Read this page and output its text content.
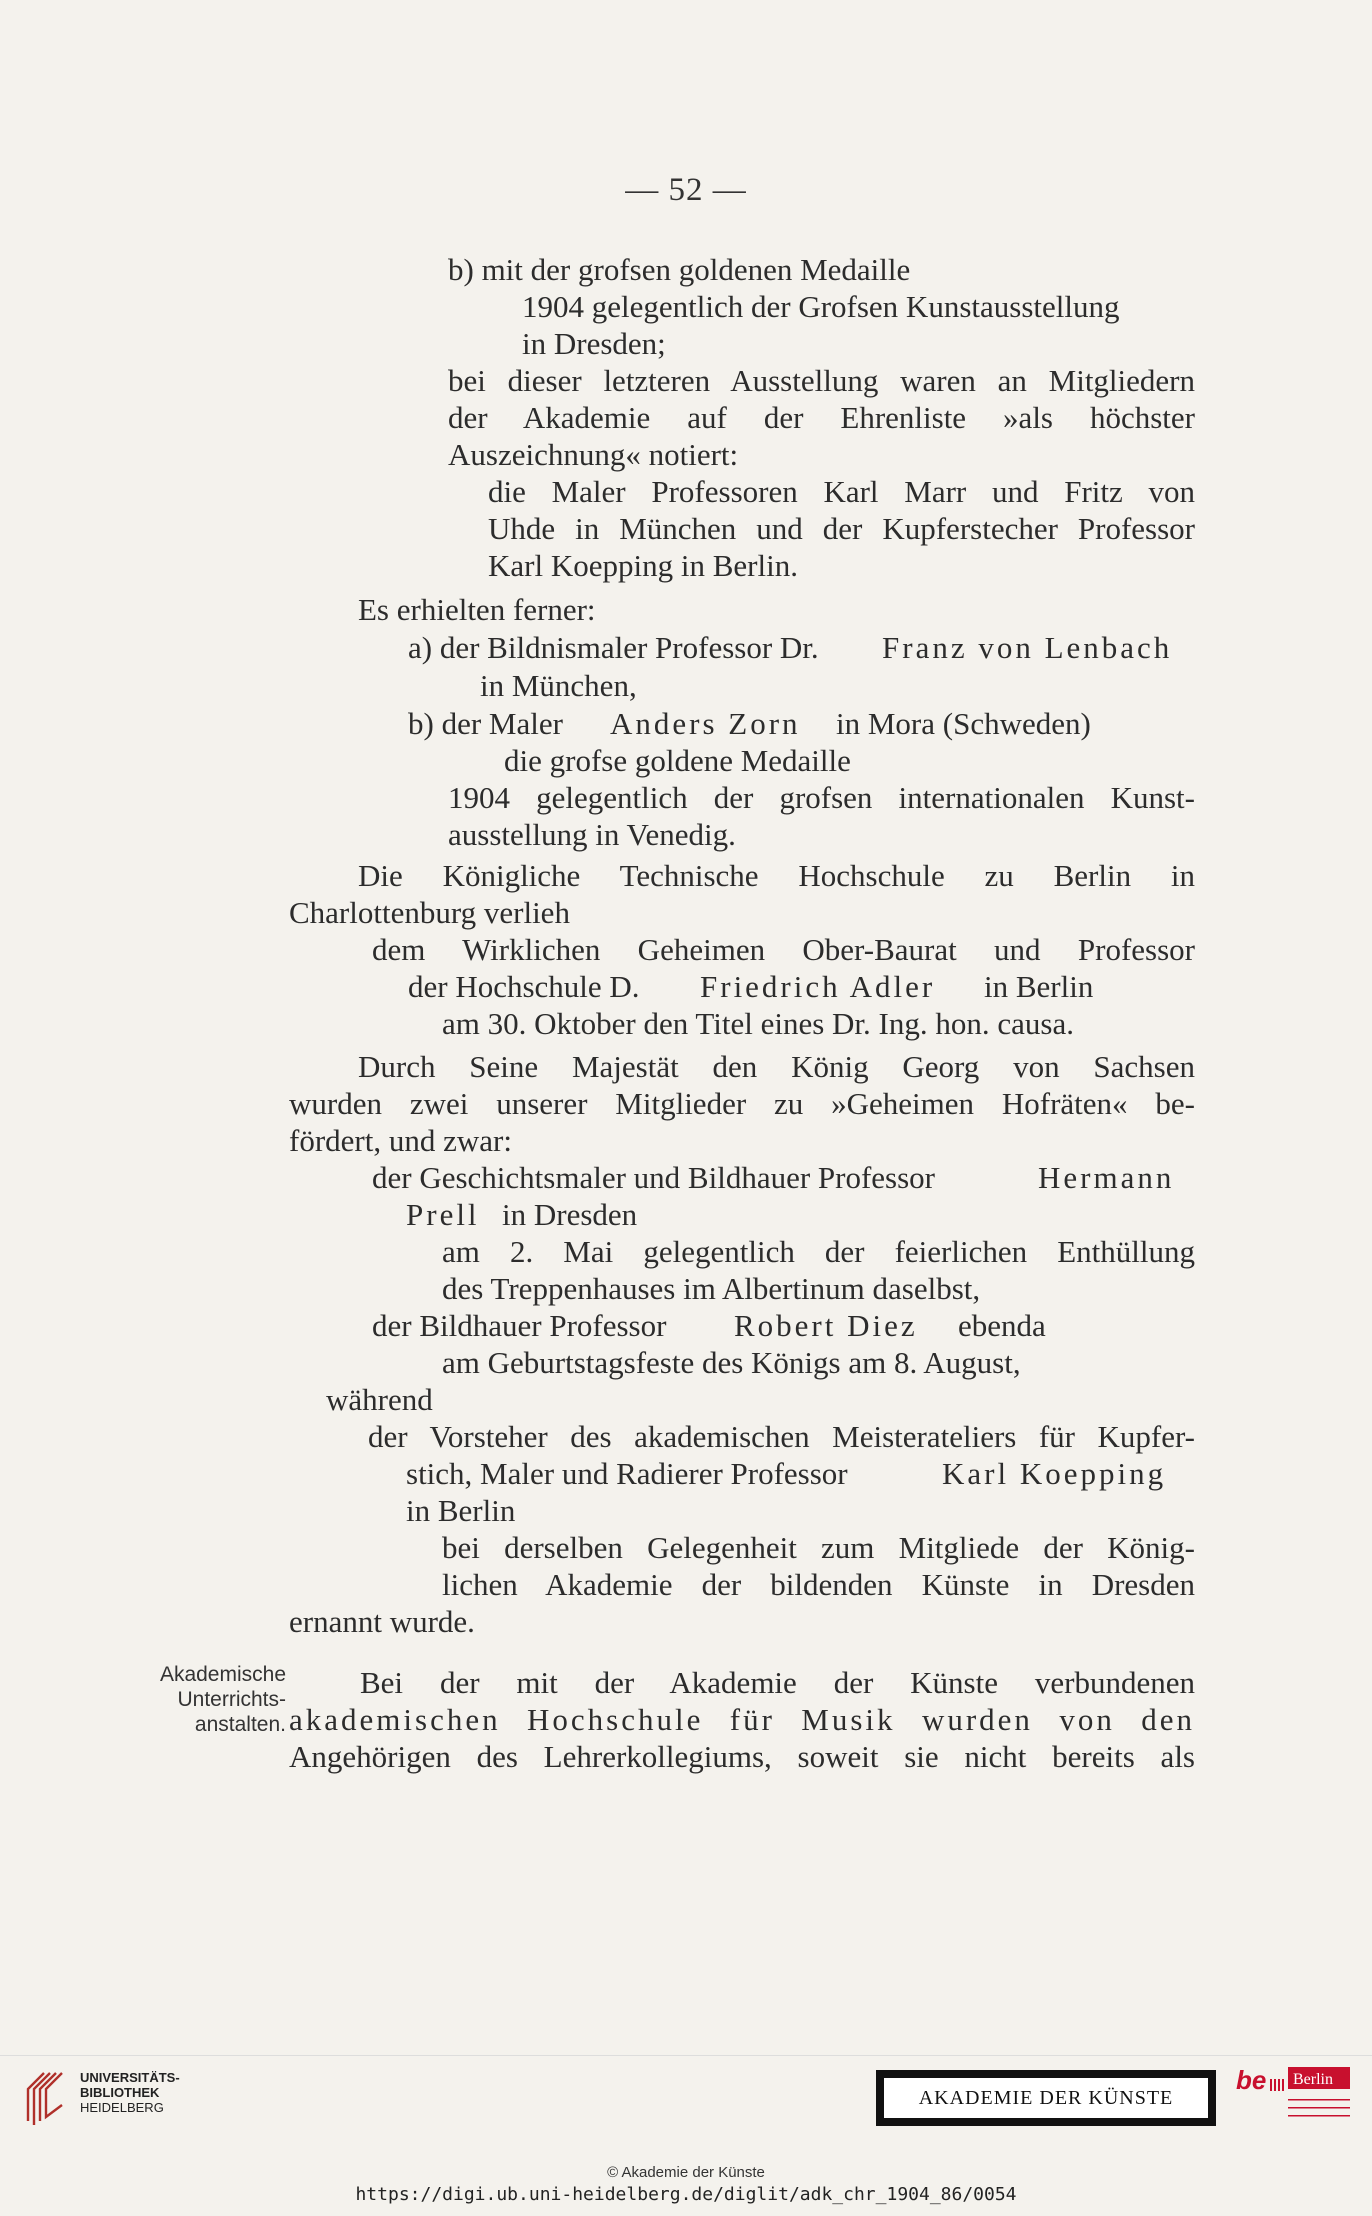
— 52 —
b) mit der grofsen goldenen Medaille
1904 gelegentlich der Grofsen Kunstausstellung
in Dresden;
bei dieser letzteren Ausstellung waren an Mitgliedern
der Akademie auf der Ehrenliste »als höchster
Auszeichnung« notiert:
die Maler Professoren Karl Marr und Fritz von
Uhde in München und der Kupferstecher Professor
Karl Koepping in Berlin.
Es erhielten ferner:
a) der Bildnismaler Professor Dr. Franz von Lenbach
in München,
b) der Maler Anders Zorn in Mora (Schweden)
die grofse goldene Medaille
1904 gelegentlich der grofsen internationalen Kunst-
ausstellung in Venedig.
Die Königliche Technische Hochschule zu Berlin in
Charlottenburg verlieh
dem Wirklichen Geheimen Ober-Baurat und Professor
der Hochschule D. Friedrich Adler in Berlin
am 30. Oktober den Titel eines Dr. Ing. hon. causa.
Durch Seine Majestät den König Georg von Sachsen
wurden zwei unserer Mitglieder zu »Geheimen Hofräten« be-
fördert, und zwar:
der Geschichtsmaler und Bildhauer Professor	Hermann
Prell in Dresden
am 2. Mai gelegentlich der feierlichen Enthüllung
des Treppenhauses im Albertinum daselbst,
der Bildhauer Professor Robert Diez ebenda
am Geburtstagsfeste des Königs am 8. August,
während
der Vorsteher des akademischen Meisterateliers für Kupfer-
stich, Maler und Radierer Professor	Karl Koepping
in Berlin
bei derselben Gelegenheit zum Mitgliede der König-
lichen Akademie der bildenden Künste in Dresden
ernannt wurde.
Akademische
Unterrichts-
anstalten.
Bei der mit der Akademie der Künste verbundenen
akademischen Hochschule für Musik wurden von den
Angehörigen des Lehrerkollegiums, soweit sie nicht bereits als
UNIVERSITÄTS-
BIBLIOTHEK
HEIDELBERG	AKADEMIE DER KÜNSTE
be Berlin
© Akademie der Künste
https://digi.ub.uni-heidelberg.de/diglit/adk_chr_1904_86/0054
